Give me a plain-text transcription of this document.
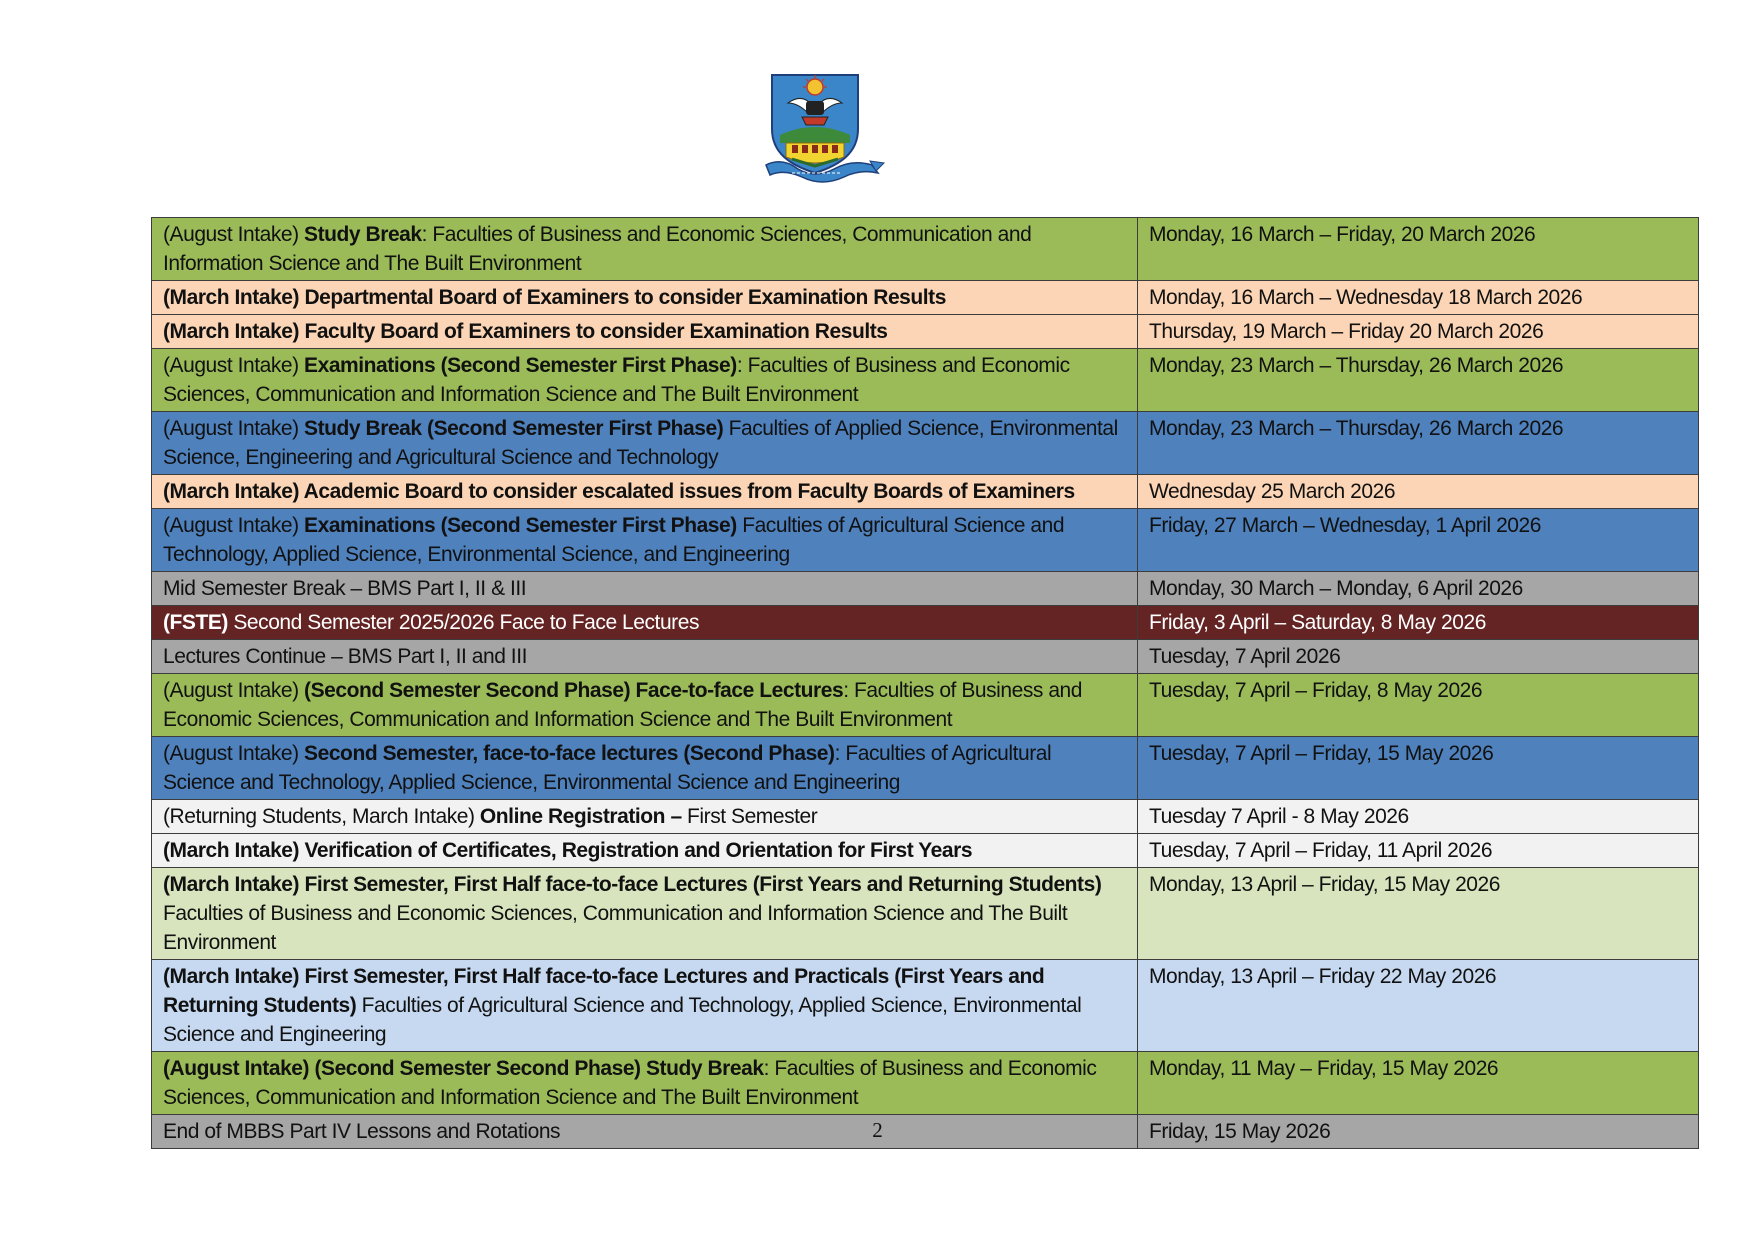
(August Intake) Study Break: Faculties of Business and Economic Sciences, Communication and Information Science and The Built Environment	Monday, 16 March – Friday, 20 March 2026
(March Intake) Departmental Board of Examiners to consider Examination Results	Monday, 16 March – Wednesday 18 March 2026
(March Intake) Faculty Board of Examiners to consider Examination Results	Thursday, 19 March – Friday 20 March 2026
(August Intake) Examinations (Second Semester First Phase): Faculties of Business and Economic Sciences, Communication and Information Science and The Built Environment	Monday, 23 March – Thursday, 26 March 2026
(August Intake) Study Break (Second Semester First Phase) Faculties of Applied Science, Environmental Science, Engineering and Agricultural Science and Technology	Monday, 23 March – Thursday, 26 March 2026
(March Intake) Academic Board to consider escalated issues from Faculty Boards of Examiners	Wednesday 25 March 2026
(August Intake) Examinations (Second Semester First Phase) Faculties of Agricultural Science and Technology, Applied Science, Environmental Science, and Engineering	Friday, 27 March – Wednesday, 1 April 2026
Mid Semester Break – BMS Part I, II & III	Monday, 30 March – Monday, 6 April 2026
(FSTE) Second Semester 2025/2026 Face to Face Lectures	Friday, 3 April – Saturday, 8 May 2026
Lectures Continue – BMS Part I, II and III	Tuesday, 7 April 2026
(August Intake) (Second Semester Second Phase) Face-to-face Lectures: Faculties of Business and Economic Sciences, Communication and Information Science and The Built Environment	Tuesday, 7 April – Friday, 8 May 2026
(August Intake) Second Semester, face-to-face lectures (Second Phase): Faculties of Agricultural Science and Technology, Applied Science, Environmental Science and Engineering	Tuesday, 7 April – Friday, 15 May 2026
(Returning Students, March Intake) Online Registration – First Semester	Tuesday 7 April - 8 May 2026
(March Intake) Verification of Certificates, Registration and Orientation for First Years	Tuesday, 7 April – Friday, 11 April 2026
(March Intake) First Semester, First Half face-to-face Lectures (First Years and Returning Students) Faculties of Business and Economic Sciences, Communication and Information Science and The Built Environment	Monday, 13 April – Friday, 15 May 2026
(March Intake) First Semester, First Half face-to-face Lectures and Practicals (First Years and Returning Students) Faculties of Agricultural Science and Technology, Applied Science, Environmental Science and Engineering	Monday, 13 April – Friday 22 May 2026
(August Intake) (Second Semester Second Phase) Study Break: Faculties of Business and Economic Sciences, Communication and Information Science and The Built Environment	Monday, 11 May – Friday, 15 May 2026
End of MBBS Part IV Lessons and Rotations	Friday, 15 May 2026
2
